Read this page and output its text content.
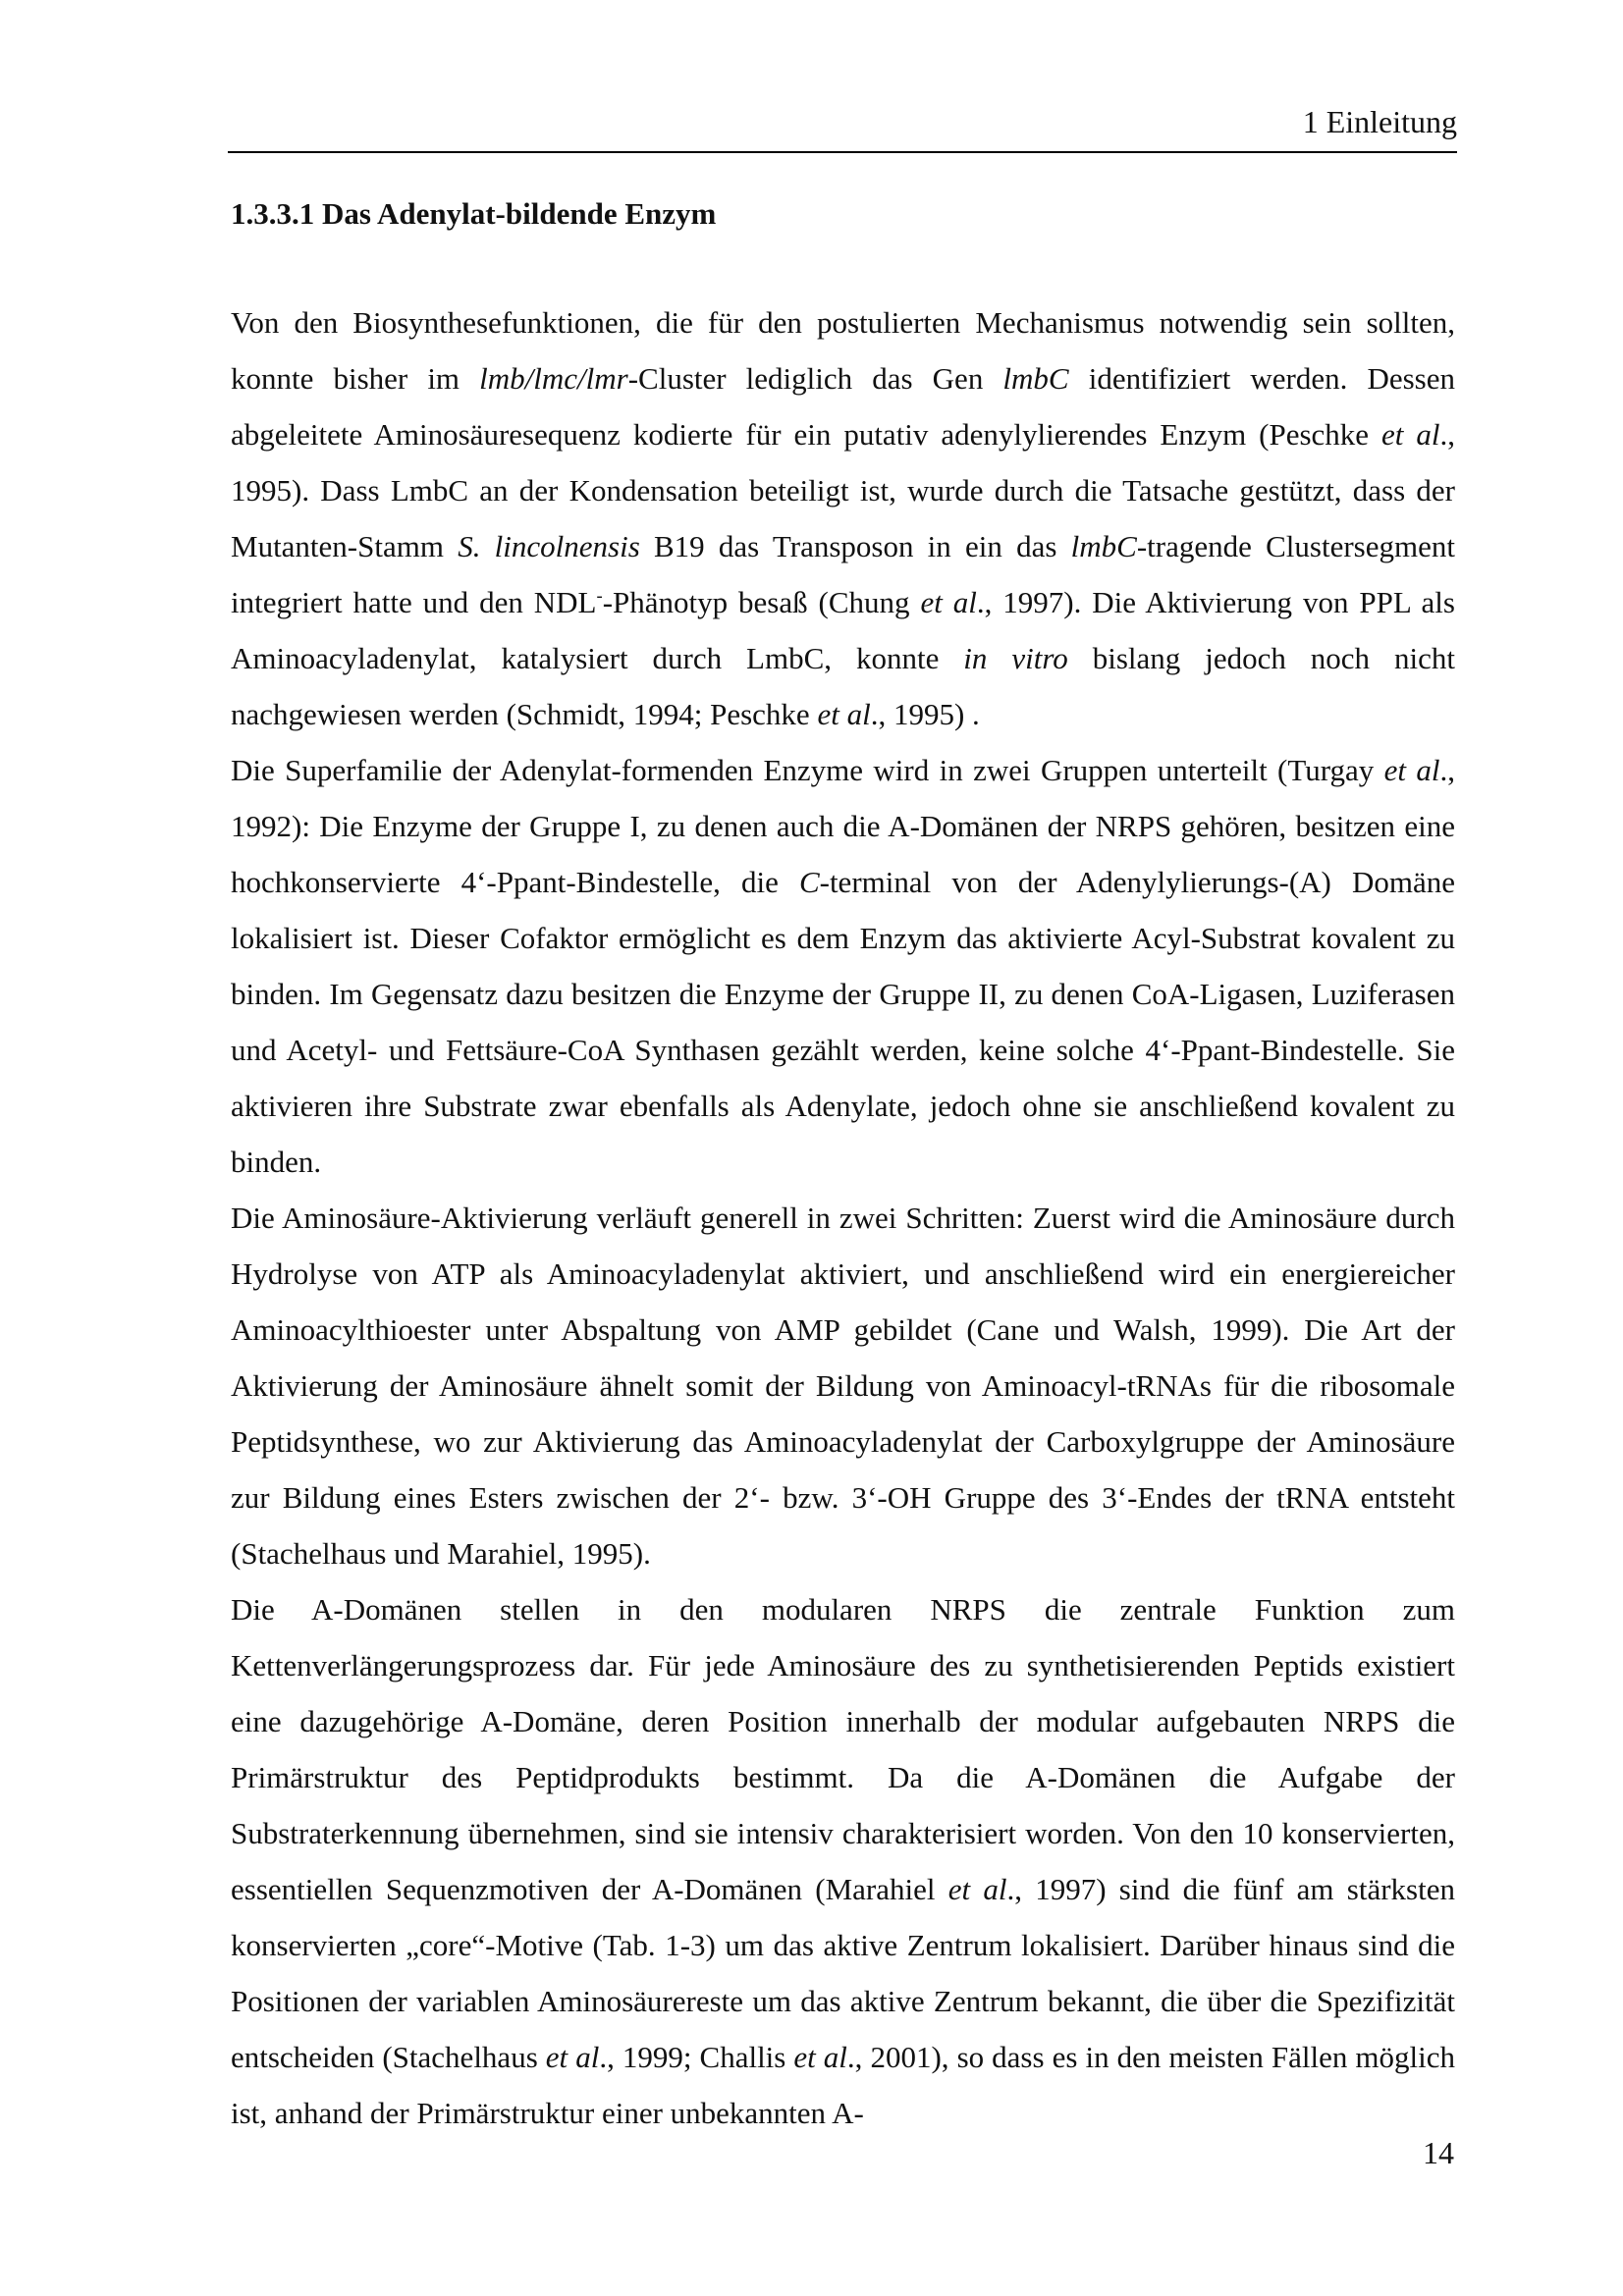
1 Einleitung
1.3.3.1 Das Adenylat-bildende Enzym

Von den Biosynthesefunktionen, die für den postulierten Mechanismus notwendig sein sollten, konnte bisher im lmb/lmc/lmr-Cluster lediglich das Gen lmbC identifiziert werden. Dessen abgeleitete Aminosäuresequenz kodierte für ein putativ adenylylierendes Enzym (Peschke et al., 1995). Dass LmbC an der Kondensation beteiligt ist, wurde durch die Tatsache gestützt, dass der Mutanten-Stamm S. lincolnensis B19 das Transposon in ein das lmbC-tragende Clustersegment integriert hatte und den NDL--Phänotyp besaß (Chung et al., 1997). Die Aktivierung von PPL als Aminoacyladenylat, katalysiert durch LmbC, konnte in vitro bislang jedoch noch nicht nachgewiesen werden (Schmidt, 1994; Peschke et al., 1995) .

Die Superfamilie der Adenylat-formenden Enzyme wird in zwei Gruppen unterteilt (Turgay et al., 1992): Die Enzyme der Gruppe I, zu denen auch die A-Domänen der NRPS gehören, besitzen eine hochkonservierte 4‘-Ppant-Bindestelle, die C-terminal von der Adenylylierungs-(A) Domäne lokalisiert ist. Dieser Cofaktor ermöglicht es dem Enzym das aktivierte Acyl-Substrat kovalent zu binden. Im Gegensatz dazu besitzen die Enzyme der Gruppe II, zu denen CoA-Ligasen, Luziferasen und Acetyl- und Fettsäure-CoA Synthasen gezählt werden, keine solche 4‘-Ppant-Bindestelle. Sie aktivieren ihre Substrate zwar ebenfalls als Adenylate, jedoch ohne sie anschließend kovalent zu binden.

Die Aminosäure-Aktivierung verläuft generell in zwei Schritten: Zuerst wird die Aminosäure durch Hydrolyse von ATP als Aminoacyladenylat aktiviert, und anschließend wird ein energiereicher Aminoacylthioester unter Abspaltung von AMP gebildet (Cane und Walsh, 1999). Die Art der Aktivierung der Aminosäure ähnelt somit der Bildung von Aminoacyl-tRNAs für die ribosomale Peptidsynthese, wo zur Aktivierung das Aminoacyladenylat der Carboxylgruppe der Aminosäure zur Bildung eines Esters zwischen der 2‘- bzw. 3‘-OH Gruppe des 3‘-Endes der tRNA entsteht (Stachelhaus und Marahiel, 1995).

Die A-Domänen stellen in den modularen NRPS die zentrale Funktion zum Kettenverlängerungsprozess dar. Für jede Aminosäure des zu synthetisierenden Peptids existiert eine dazugehörige A-Domäne, deren Position innerhalb der modular aufgebauten NRPS die Primärstruktur des Peptidprodukts bestimmt. Da die A-Domänen die Aufgabe der Substraterkennung übernehmen, sind sie intensiv charakterisiert worden. Von den 10 konservierten, essentiellen Sequenzmotiven der A-Domänen (Marahiel et al., 1997) sind die fünf am stärksten konservierten „core“-Motive (Tab. 1-3) um das aktive Zentrum lokalisiert. Darüber hinaus sind die Positionen der variablen Aminosäurereste um das aktive Zentrum bekannt, die über die Spezifizität entscheiden (Stachelhaus et al., 1999; Challis et al., 2001), so dass es in den meisten Fällen möglich ist, anhand der Primärstruktur einer unbekannten A-

14
